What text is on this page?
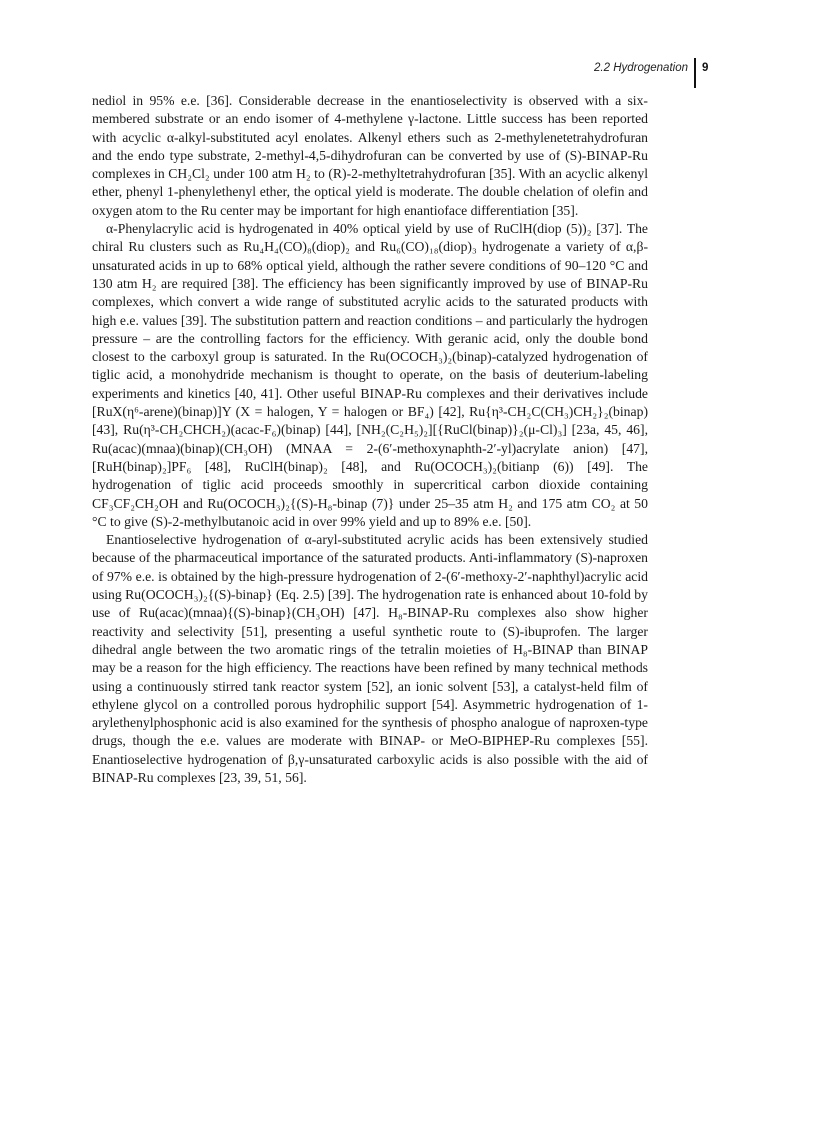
2.2 Hydrogenation 9

nediol in 95% e.e. [36]. Considerable decrease in the enantioselectivity is observed with a six-membered substrate or an endo isomer of 4-methylene γ-lactone. Little success has been reported with acyclic α-alkyl-substituted acyl enolates. Alkenyl ethers such as 2-methylenetetrahydrofuran and the endo type substrate, 2-methyl-4,5-dihydrofuran can be converted by use of (S)-BINAP-Ru complexes in CH₂Cl₂ under 100 atm H₂ to (R)-2-methyltetrahydrofuran [35]. With an acyclic alkenyl ether, phenyl 1-phenylethenyl ether, the optical yield is moderate. The double chelation of olefin and oxygen atom to the Ru center may be important for high enantioface differentiation [35].

α-Phenylacrylic acid is hydrogenated in 40% optical yield by use of RuClH(diop (5))₂ [37]. The chiral Ru clusters such as Ru₄H₄(CO)₈(diop)₂ and Ru₆(CO)₁₈(diop)₃ hydrogenate a variety of α,β-unsaturated acids in up to 68% optical yield, although the rather severe conditions of 90–120 °C and 130 atm H₂ are required [38]. The efficiency has been significantly improved by use of BINAP-Ru complexes, which convert a wide range of substituted acrylic acids to the saturated products with high e.e. values [39]. The substitution pattern and reaction conditions – and particularly the hydrogen pressure – are the controlling factors for the efficiency. With geranic acid, only the double bond closest to the carboxyl group is saturated. In the Ru(OCOCH₃)₂(binap)-catalyzed hydrogenation of tiglic acid, a monohydride mechanism is thought to operate, on the basis of deuterium-labeling experiments and kinetics [40, 41]. Other useful BINAP-Ru complexes and their derivatives include [RuX(η⁶-arene)(binap)]Y (X = halogen, Y = halogen or BF₄) [42], Ru{η³-CH₂C(CH₃)CH₂}₂(binap) [43], Ru(η³-CH₂CHCH₂)(acac-F₆)(binap) [44], [NH₂(C₂H₅)₂][{RuCl(binap)}₂(μ-Cl)₃] [23a, 45, 46], Ru(acac)(mnaa)(binap)(CH₃OH) (MNAA = 2-(6′-methoxynaphth-2′-yl)acrylate anion) [47], [RuH(binap)₂]PF₆ [48], RuClH(binap)₂ [48], and Ru(OCOCH₃)₂(bitianp (6)) [49]. The hydrogenation of tiglic acid proceeds smoothly in supercritical carbon dioxide containing CF₃CF₂CH₂OH and Ru(OCOCH₃)₂{(S)-H₈-binap (7)} under 25–35 atm H₂ and 175 atm CO₂ at 50 °C to give (S)-2-methylbutanoic acid in over 99% yield and up to 89% e.e. [50].

Enantioselective hydrogenation of α-aryl-substituted acrylic acids has been extensively studied because of the pharmaceutical importance of the saturated products. Anti-inflammatory (S)-naproxen of 97% e.e. is obtained by the high-pressure hydrogenation of 2-(6′-methoxy-2′-naphthyl)acrylic acid using Ru(OCOCH₃)₂{(S)-binap} (Eq. 2.5) [39]. The hydrogenation rate is enhanced about 10-fold by use of Ru(acac)(mnaa){(S)-binap}(CH₃OH) [47]. H₈-BINAP-Ru complexes also show higher reactivity and selectivity [51], presenting a useful synthetic route to (S)-ibuprofen. The larger dihedral angle between the two aromatic rings of the tetralin moieties of H₈-BINAP than BINAP may be a reason for the high efficiency. The reactions have been refined by many technical methods using a continuously stirred tank reactor system [52], an ionic solvent [53], a catalyst-held film of ethylene glycol on a controlled porous hydrophilic support [54]. Asymmetric hydrogenation of 1-arylethenylphosphonic acid is also examined for the synthesis of phospho analogue of naproxen-type drugs, though the e.e. values are moderate with BINAP- or MeO-BIPHEP-Ru complexes [55]. Enantioselective hydrogenation of β,γ-unsaturated carboxylic acids is also possible with the aid of BINAP-Ru complexes [23, 39, 51, 56].
